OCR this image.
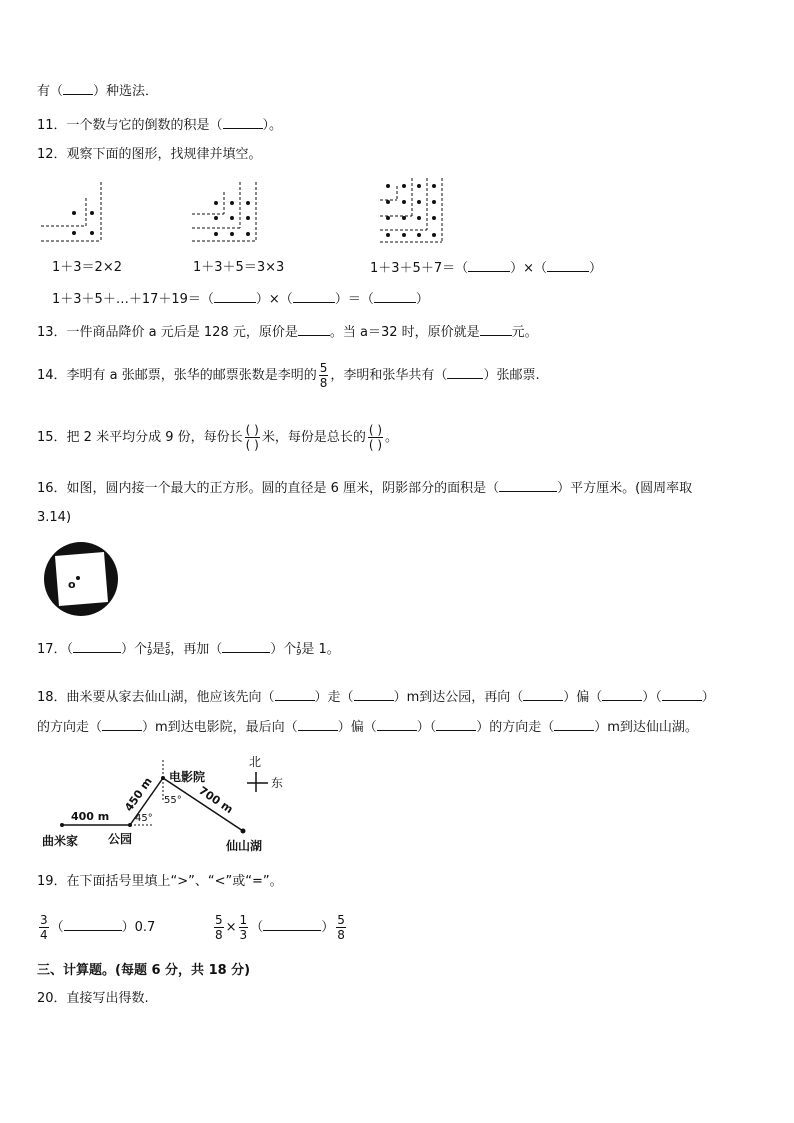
有（ ）种选法．
11．一个数与它的倒数的积是（	）。
12．观察下面的图形，找规律并填空。
1＋3＝2×2	1＋3＋5＝3×3	1＋3＋5＋7＝（	）×（	）
1＋3＋5＋…＋17＋19＝（	）×（	）＝（	）
13．一件商品降价 a 元后是 128 元，原价是 。当 a＝32 时，原价就是 元。
14．李明有 a 张邮票，张华的邮票张数是李明的 $\frac{5}{8}$ ，李明和张华共有（	）张邮票.
15．把 2 米平均分成 9 份，每份长 $\frac{( )}{( )}$ 米，每份是总长的 $\frac{( )}{( )}$ 。
16．如图，圆内接一个最大的正方形。圆的直径是 6 厘米，阴影部分的面积是（	）平方厘米。(圆周率取
3.14)
o
17．（	）个 1
9 是 5
9 ，再加（	）个 1
9 是 1。
18．曲米要从家去仙山湖，他应该先向（	）走（	）m到达公园，再向（	）偏（	）（	）
的方向走（	）m到达电影院，最后向（	）偏（	）（	）的方向走（	）m到达仙山湖。
北
东
电影院
曲米家 公园	仙山湖
400 m
450 m	700 m
45°
55°
19．在下面括号里填上“>”、“<”或“=”。
$\frac{3}{4}$ （	）0.7	$\frac{5}{8} \times \frac{1}{3}$ （	） $\frac{5}{8}$
三、计算题。(每题 6 分，共 18 分)
20．直接写出得数.
